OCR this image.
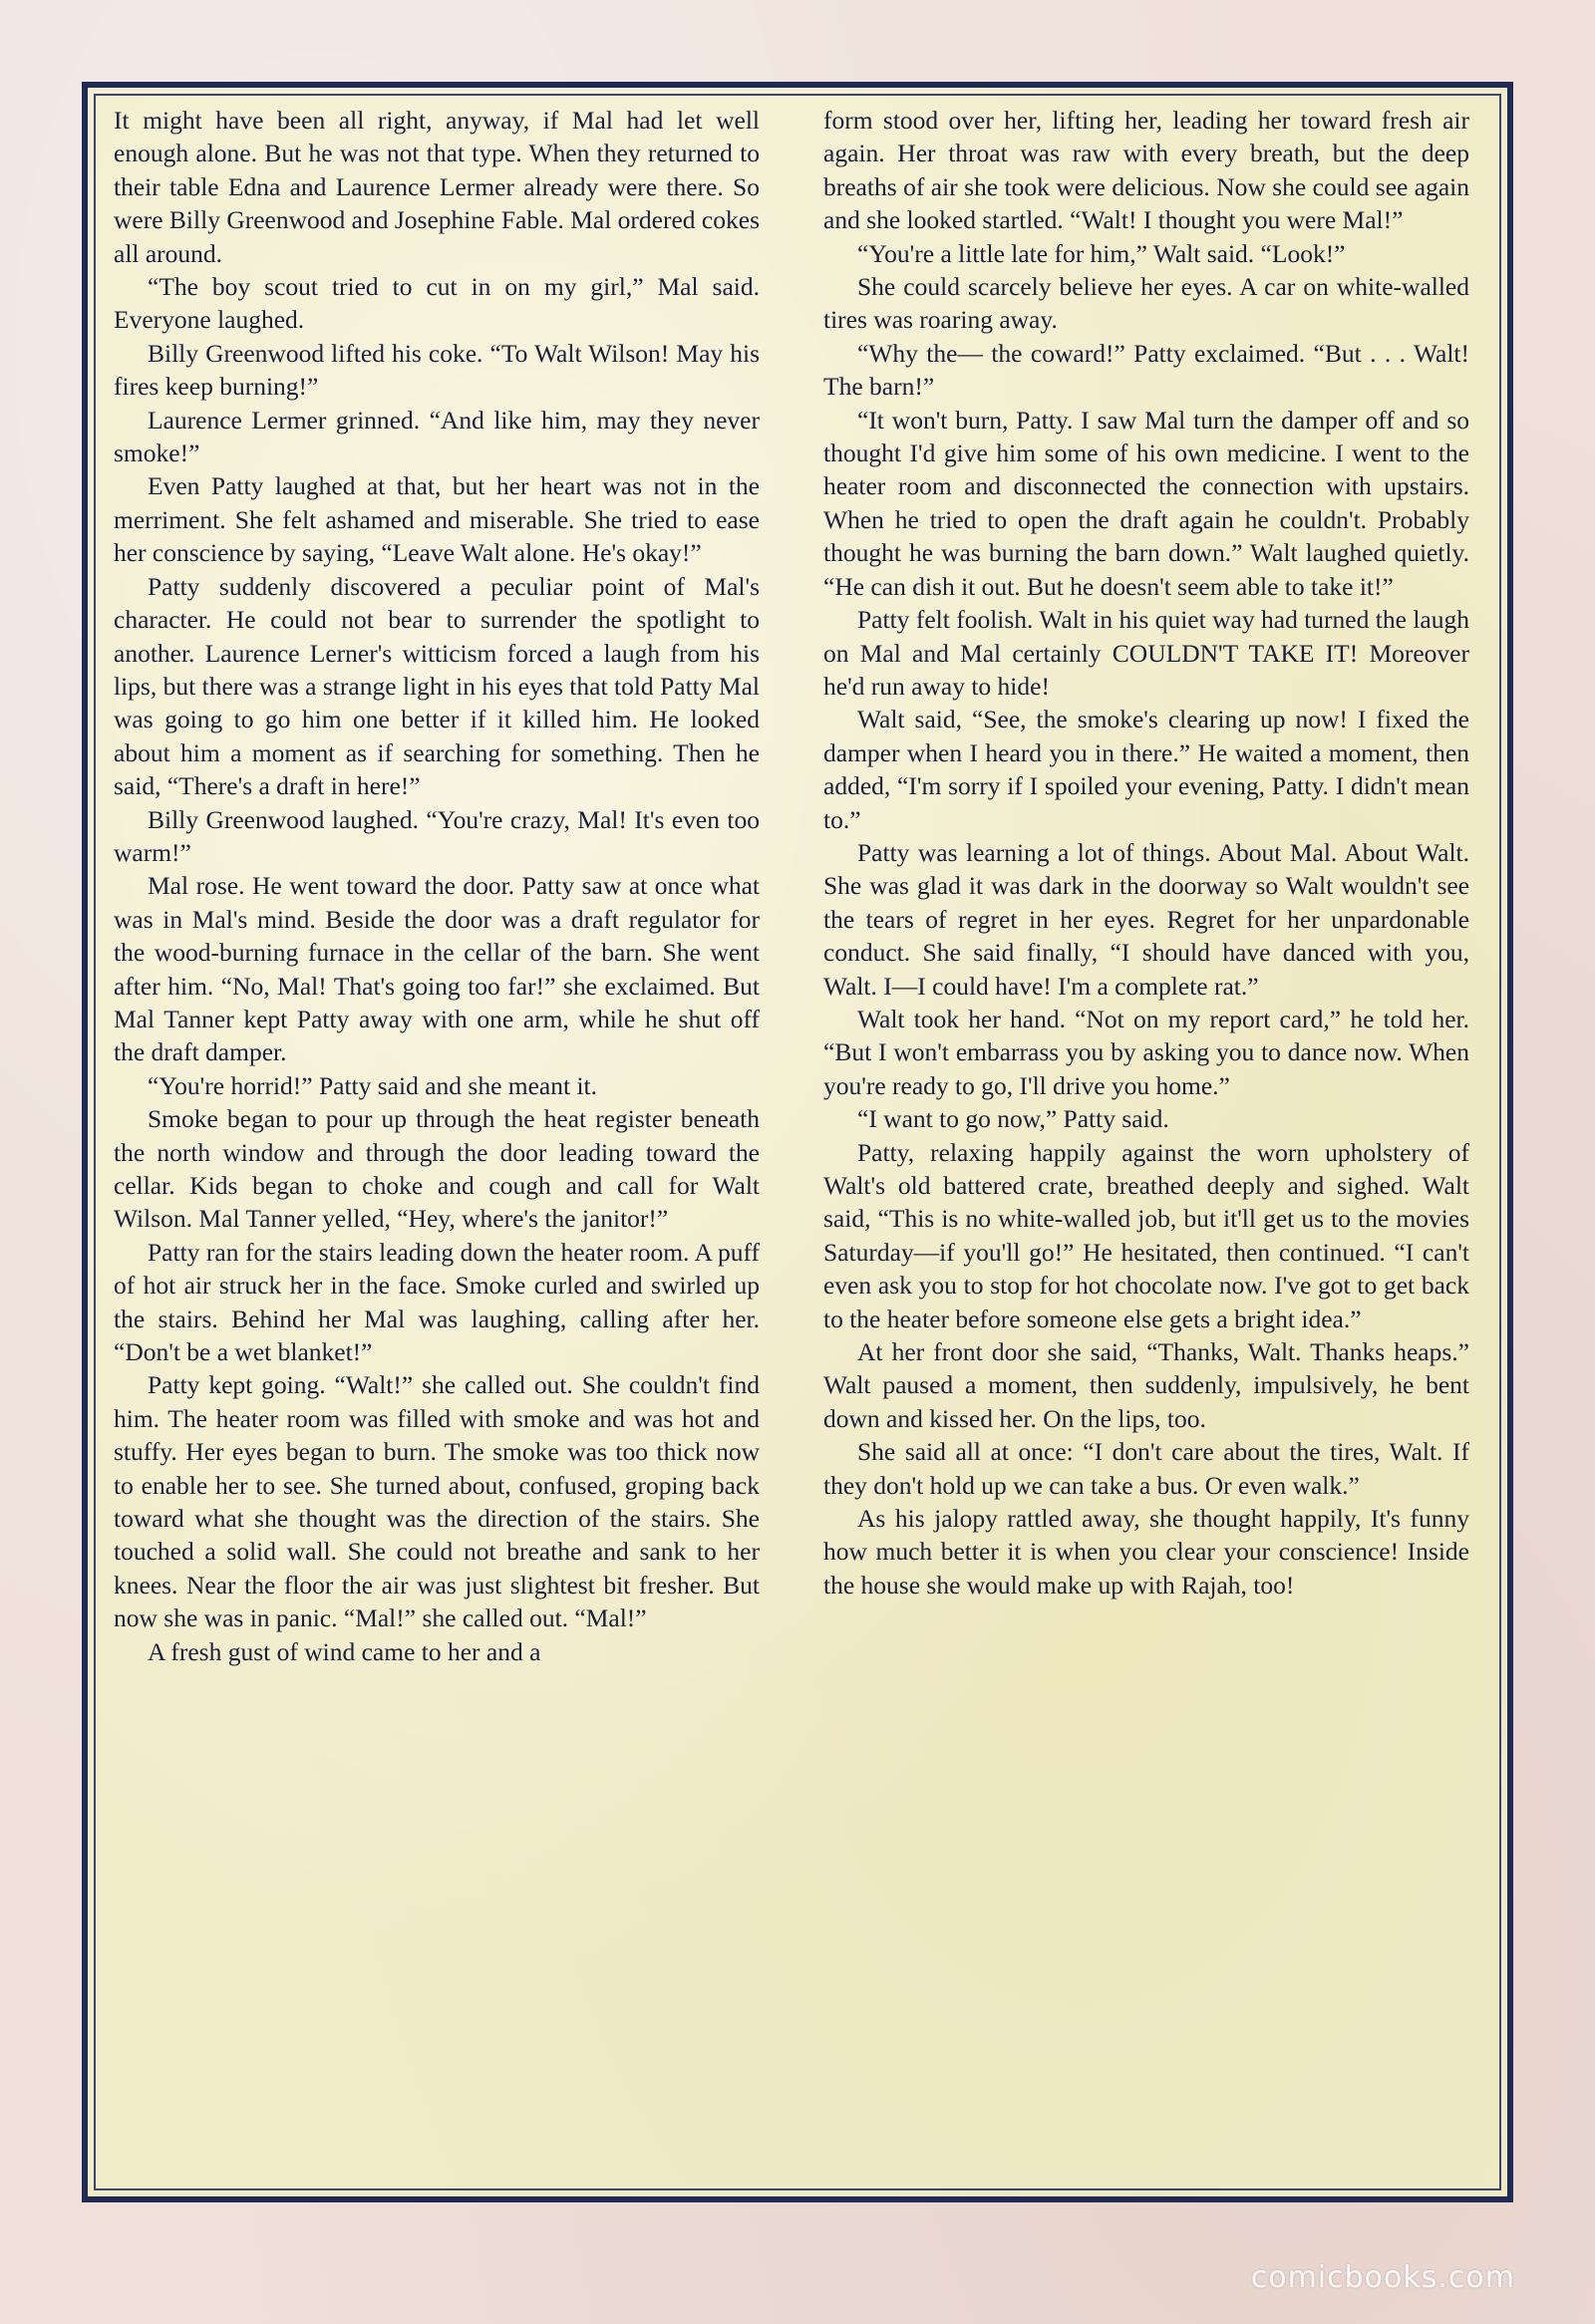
It might have been all right, anyway, if Mal had let well enough alone. But he was not that type. When they returned to their table Edna and Laurence Lermer already were there. So were Billy Greenwood and Josephine Fable. Mal ordered cokes all around.

“The boy scout tried to cut in on my girl,” Mal said. Everyone laughed.

Billy Greenwood lifted his coke. “To Walt Wilson! May his fires keep burning!”

Laurence Lermer grinned. “And like him, may they never smoke!”

Even Patty laughed at that, but her heart was not in the merriment. She felt ashamed and miserable. She tried to ease her conscience by saying, “Leave Walt alone. He's okay!”

Patty suddenly discovered a peculiar point of Mal's character. He could not bear to surrender the spotlight to another. Laurence Lerner's witticism forced a laugh from his lips, but there was a strange light in his eyes that told Patty Mal was going to go him one better if it killed him. He looked about him a moment as if searching for something. Then he said, “There's a draft in here!”

Billy Greenwood laughed. “You're crazy, Mal! It's even too warm!”

Mal rose. He went toward the door. Patty saw at once what was in Mal's mind. Beside the door was a draft regulator for the wood-burning furnace in the cellar of the barn. She went after him. “No, Mal! That's going too far!” she exclaimed. But Mal Tanner kept Patty away with one arm, while he shut off the draft damper.

“You're horrid!” Patty said and she meant it.

Smoke began to pour up through the heat register beneath the north window and through the door leading toward the cellar. Kids began to choke and cough and call for Walt Wilson. Mal Tanner yelled, “Hey, where's the janitor!”

Patty ran for the stairs leading down the heater room. A puff of hot air struck her in the face. Smoke curled and swirled up the stairs. Behind her Mal was laughing, calling after her. “Don't be a wet blanket!”

Patty kept going. “Walt!” she called out. She couldn't find him. The heater room was filled with smoke and was hot and stuffy. Her eyes began to burn. The smoke was too thick now to enable her to see. She turned about, confused, groping back toward what she thought was the direction of the stairs. She touched a solid wall. She could not breathe and sank to her knees. Near the floor the air was just slightest bit fresher. But now she was in panic. “Mal!” she called out. “Mal!”

A fresh gust of wind came to her and a

form stood over her, lifting her, leading her toward fresh air again. Her throat was raw with every breath, but the deep breaths of air she took were delicious. Now she could see again and she looked startled. “Walt! I thought you were Mal!”

“You're a little late for him,” Walt said. “Look!”

She could scarcely believe her eyes. A car on white-walled tires was roaring away.

“Why the— the coward!” Patty exclaimed. “But . . . Walt! The barn!”

“It won't burn, Patty. I saw Mal turn the damper off and so thought I'd give him some of his own medicine. I went to the heater room and disconnected the connection with upstairs. When he tried to open the draft again he couldn't. Probably thought he was burning the barn down.” Walt laughed quietly. “He can dish it out. But he doesn't seem able to take it!”

Patty felt foolish. Walt in his quiet way had turned the laugh on Mal and Mal certainly COULDN'T TAKE IT! Moreover he'd run away to hide!

Walt said, “See, the smoke's clearing up now! I fixed the damper when I heard you in there.” He waited a moment, then added, “I'm sorry if I spoiled your evening, Patty. I didn't mean to.”

Patty was learning a lot of things. About Mal. About Walt. She was glad it was dark in the doorway so Walt wouldn't see the tears of regret in her eyes. Regret for her unpardonable conduct. She said finally, “I should have danced with you, Walt. I—I could have! I'm a complete rat.”

Walt took her hand. “Not on my report card,” he told her. “But I won't embarrass you by asking you to dance now. When you're ready to go, I'll drive you home.”

“I want to go now,” Patty said.

Patty, relaxing happily against the worn upholstery of Walt's old battered crate, breathed deeply and sighed. Walt said, “This is no white-walled job, but it'll get us to the movies Saturday—if you'll go!” He hesitated, then continued. “I can't even ask you to stop for hot chocolate now. I've got to get back to the heater before someone else gets a bright idea.”

At her front door she said, “Thanks, Walt. Thanks heaps.” Walt paused a moment, then suddenly, impulsively, he bent down and kissed her. On the lips, too.

She said all at once: “I don't care about the tires, Walt. If they don't hold up we can take a bus. Or even walk.”

As his jalopy rattled away, she thought happily, It's funny how much better it is when you clear your conscience! Inside the house she would make up with Rajah, too!

comicbooks.com
